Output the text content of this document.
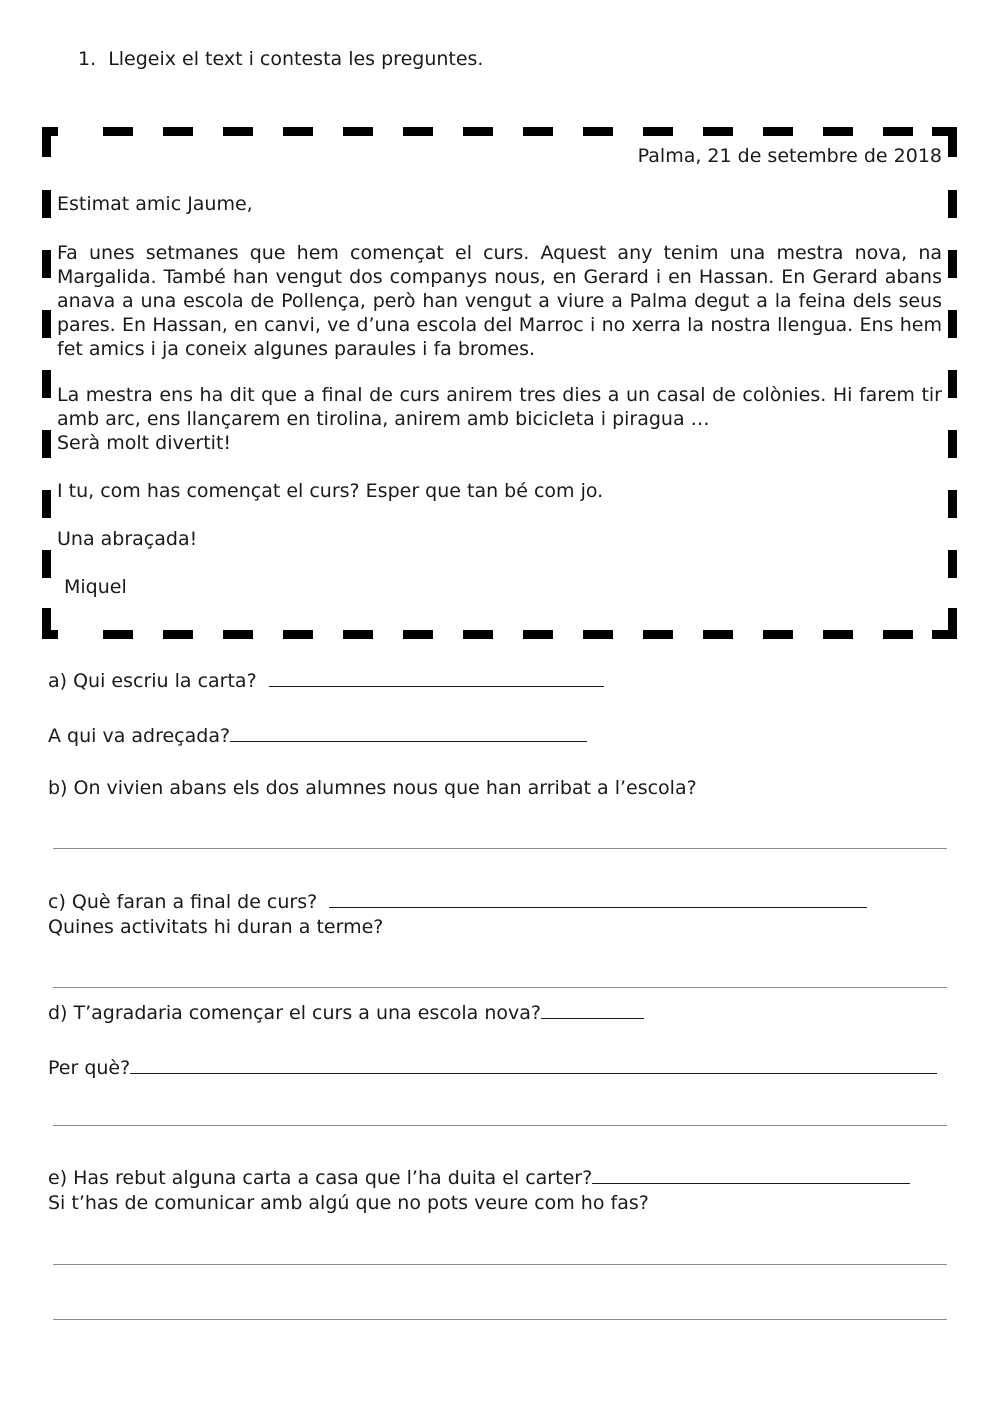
1. Llegeix el text i contesta les preguntes.
Palma, 21 de setembre de 2018
Estimat amic Jaume,
Fa unes setmanes que hem començat el curs. Aquest any tenim una mestra nova, na Margalida. També han vengut dos companys nous, en Gerard i en Hassan. En Gerard abans anava a una escola de Pollença, però han vengut a viure a Palma degut a la feina dels seus pares. En Hassan, en canvi, ve d’una escola del Marroc i no xerra la nostra llengua. Ens hem fet amics i ja coneix algunes paraules i fa bromes.
La mestra ens ha dit que a final de curs anirem tres dies a un casal de colònies. Hi farem tir amb arc, ens llançarem en tirolina, anirem amb bicicleta i piragua …
Serà molt divertit!
I tu, com has començat el curs? Esper que tan bé com jo.
Una abraçada!
Miquel
a) Qui escriu la carta?
A qui va adreçada?
b) On vivien abans els dos alumnes nous que han arribat a l’escola?
c) Què faran a final de curs?
Quines activitats hi duran a terme?
d) T’agradaria començar el curs a una escola nova?
Per què?
e) Has rebut alguna carta a casa que l’ha duita el carter?
Si t’has de comunicar amb algú que no pots veure com ho fas?
